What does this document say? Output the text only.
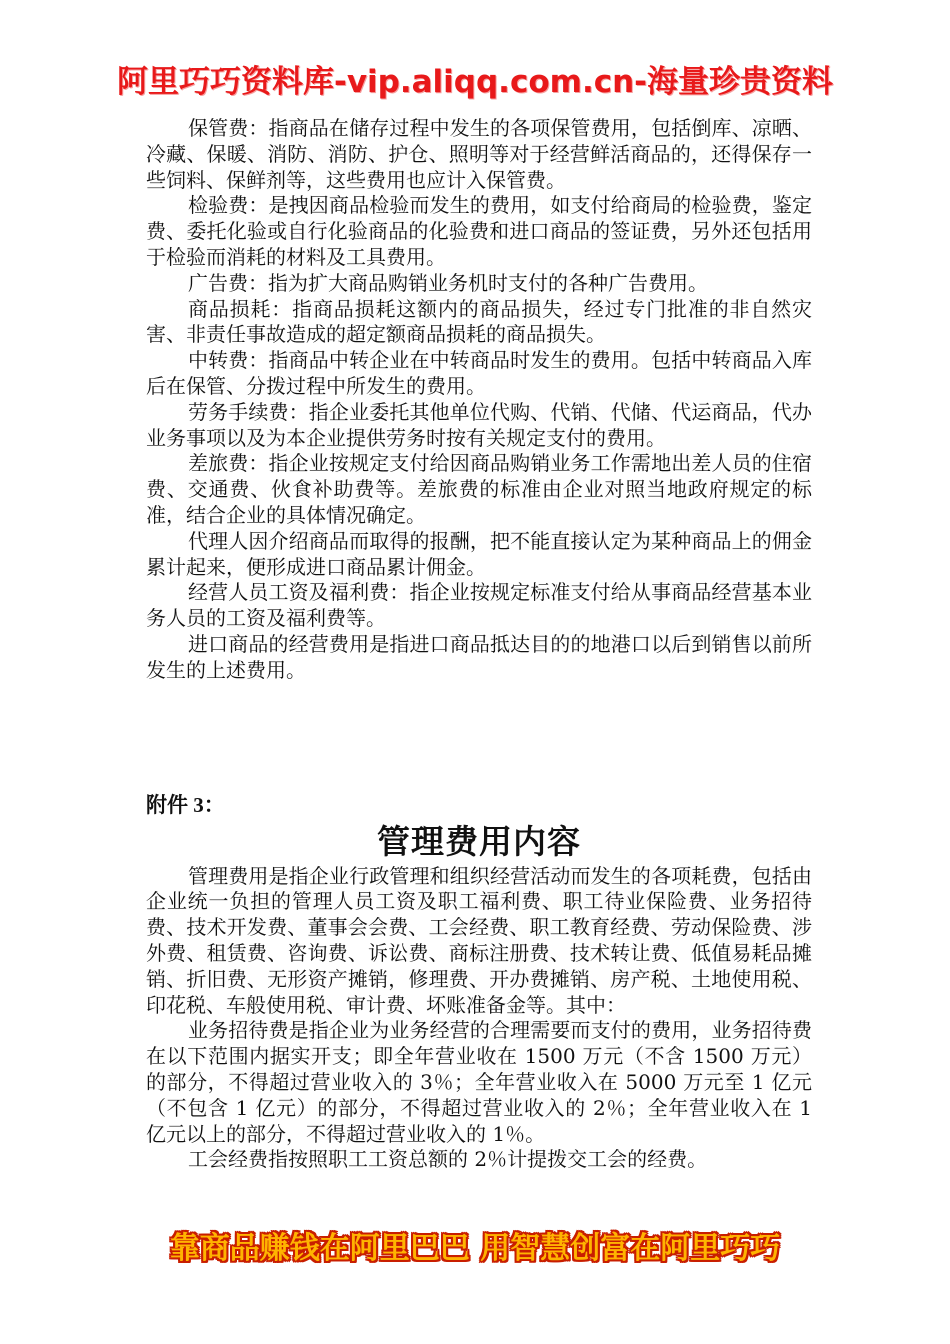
阿里巧巧资料库-vip.aliqq.com.cn-海量珍贵资料

保管费：指商品在储存过程中发生的各项保管费用，包括倒库、凉晒、冷藏、保暖、消防、消防、护仓、照明等对于经营鲜活商品的，还得保存一些饲料、保鲜剂等，这些费用也应计入保管费。

检验费：是拽因商品检验而发生的费用，如支付给商局的检验费，鉴定费、委托化验或自行化验商品的化验费和进口商品的签证费，另外还包括用于检验而消耗的材料及工具费用。

广告费：指为扩大商品购销业务机时支付的各种广告费用。

商品损耗：指商品损耗这额内的商品损失，经过专门批准的非自然灾害、非责任事故造成的超定额商品损耗的商品损失。

中转费：指商品中转企业在中转商品时发生的费用。包括中转商品入库后在保管、分拨过程中所发生的费用。

劳务手续费：指企业委托其他单位代购、代销、代储、代运商品，代办业务事项以及为本企业提供劳务时按有关规定支付的费用。

差旅费：指企业按规定支付给因商品购销业务工作需地出差人员的住宿费、交通费、伙食补助费等。差旅费的标准由企业对照当地政府规定的标准，结合企业的具体情况确定。

代理人因介绍商品而取得的报酬，把不能直接认定为某种商品上的佣金累计起来，便形成进口商品累计佣金。

经营人员工资及福利费：指企业按规定标准支付给从事商品经营基本业务人员的工资及福利费等。

进口商品的经营费用是指进口商品抵达目的的地港口以后到销售以前所发生的上述费用。

附件 3：
管理费用内容

管理费用是指企业行政管理和组织经营活动而发生的各项耗费，包括由企业统一负担的管理人员工资及职工福利费、职工待业保险费、业务招待费、技术开发费、董事会会费、工会经费、职工教育经费、劳动保险费、涉外费、租赁费、咨询费、诉讼费、商标注册费、技术转让费、低值易耗品摊销、折旧费、无形资产摊销，修理费、开办费摊销、房产税、土地使用税、印花税、车般使用税、审计费、坏账准备金等。其中：

业务招待费是指企业为业务经营的合理需要而支付的费用，业务招待费在以下范围内据实开支；即全年营业收在 1500 万元（不含 1500 万元）的部分，不得超过营业收入的 3％；全年营业收入在 5000 万元至 1 亿元（不包含 1 亿元）的部分，不得超过营业收入的 2％；全年营业收入在 1 亿元以上的部分，不得超过营业收入的 1％。

工会经费指按照职工工资总额的 2％计提拨交工会的经费。

靠商品赚钱在阿里巴巴 用智慧创富在阿里巧巧
